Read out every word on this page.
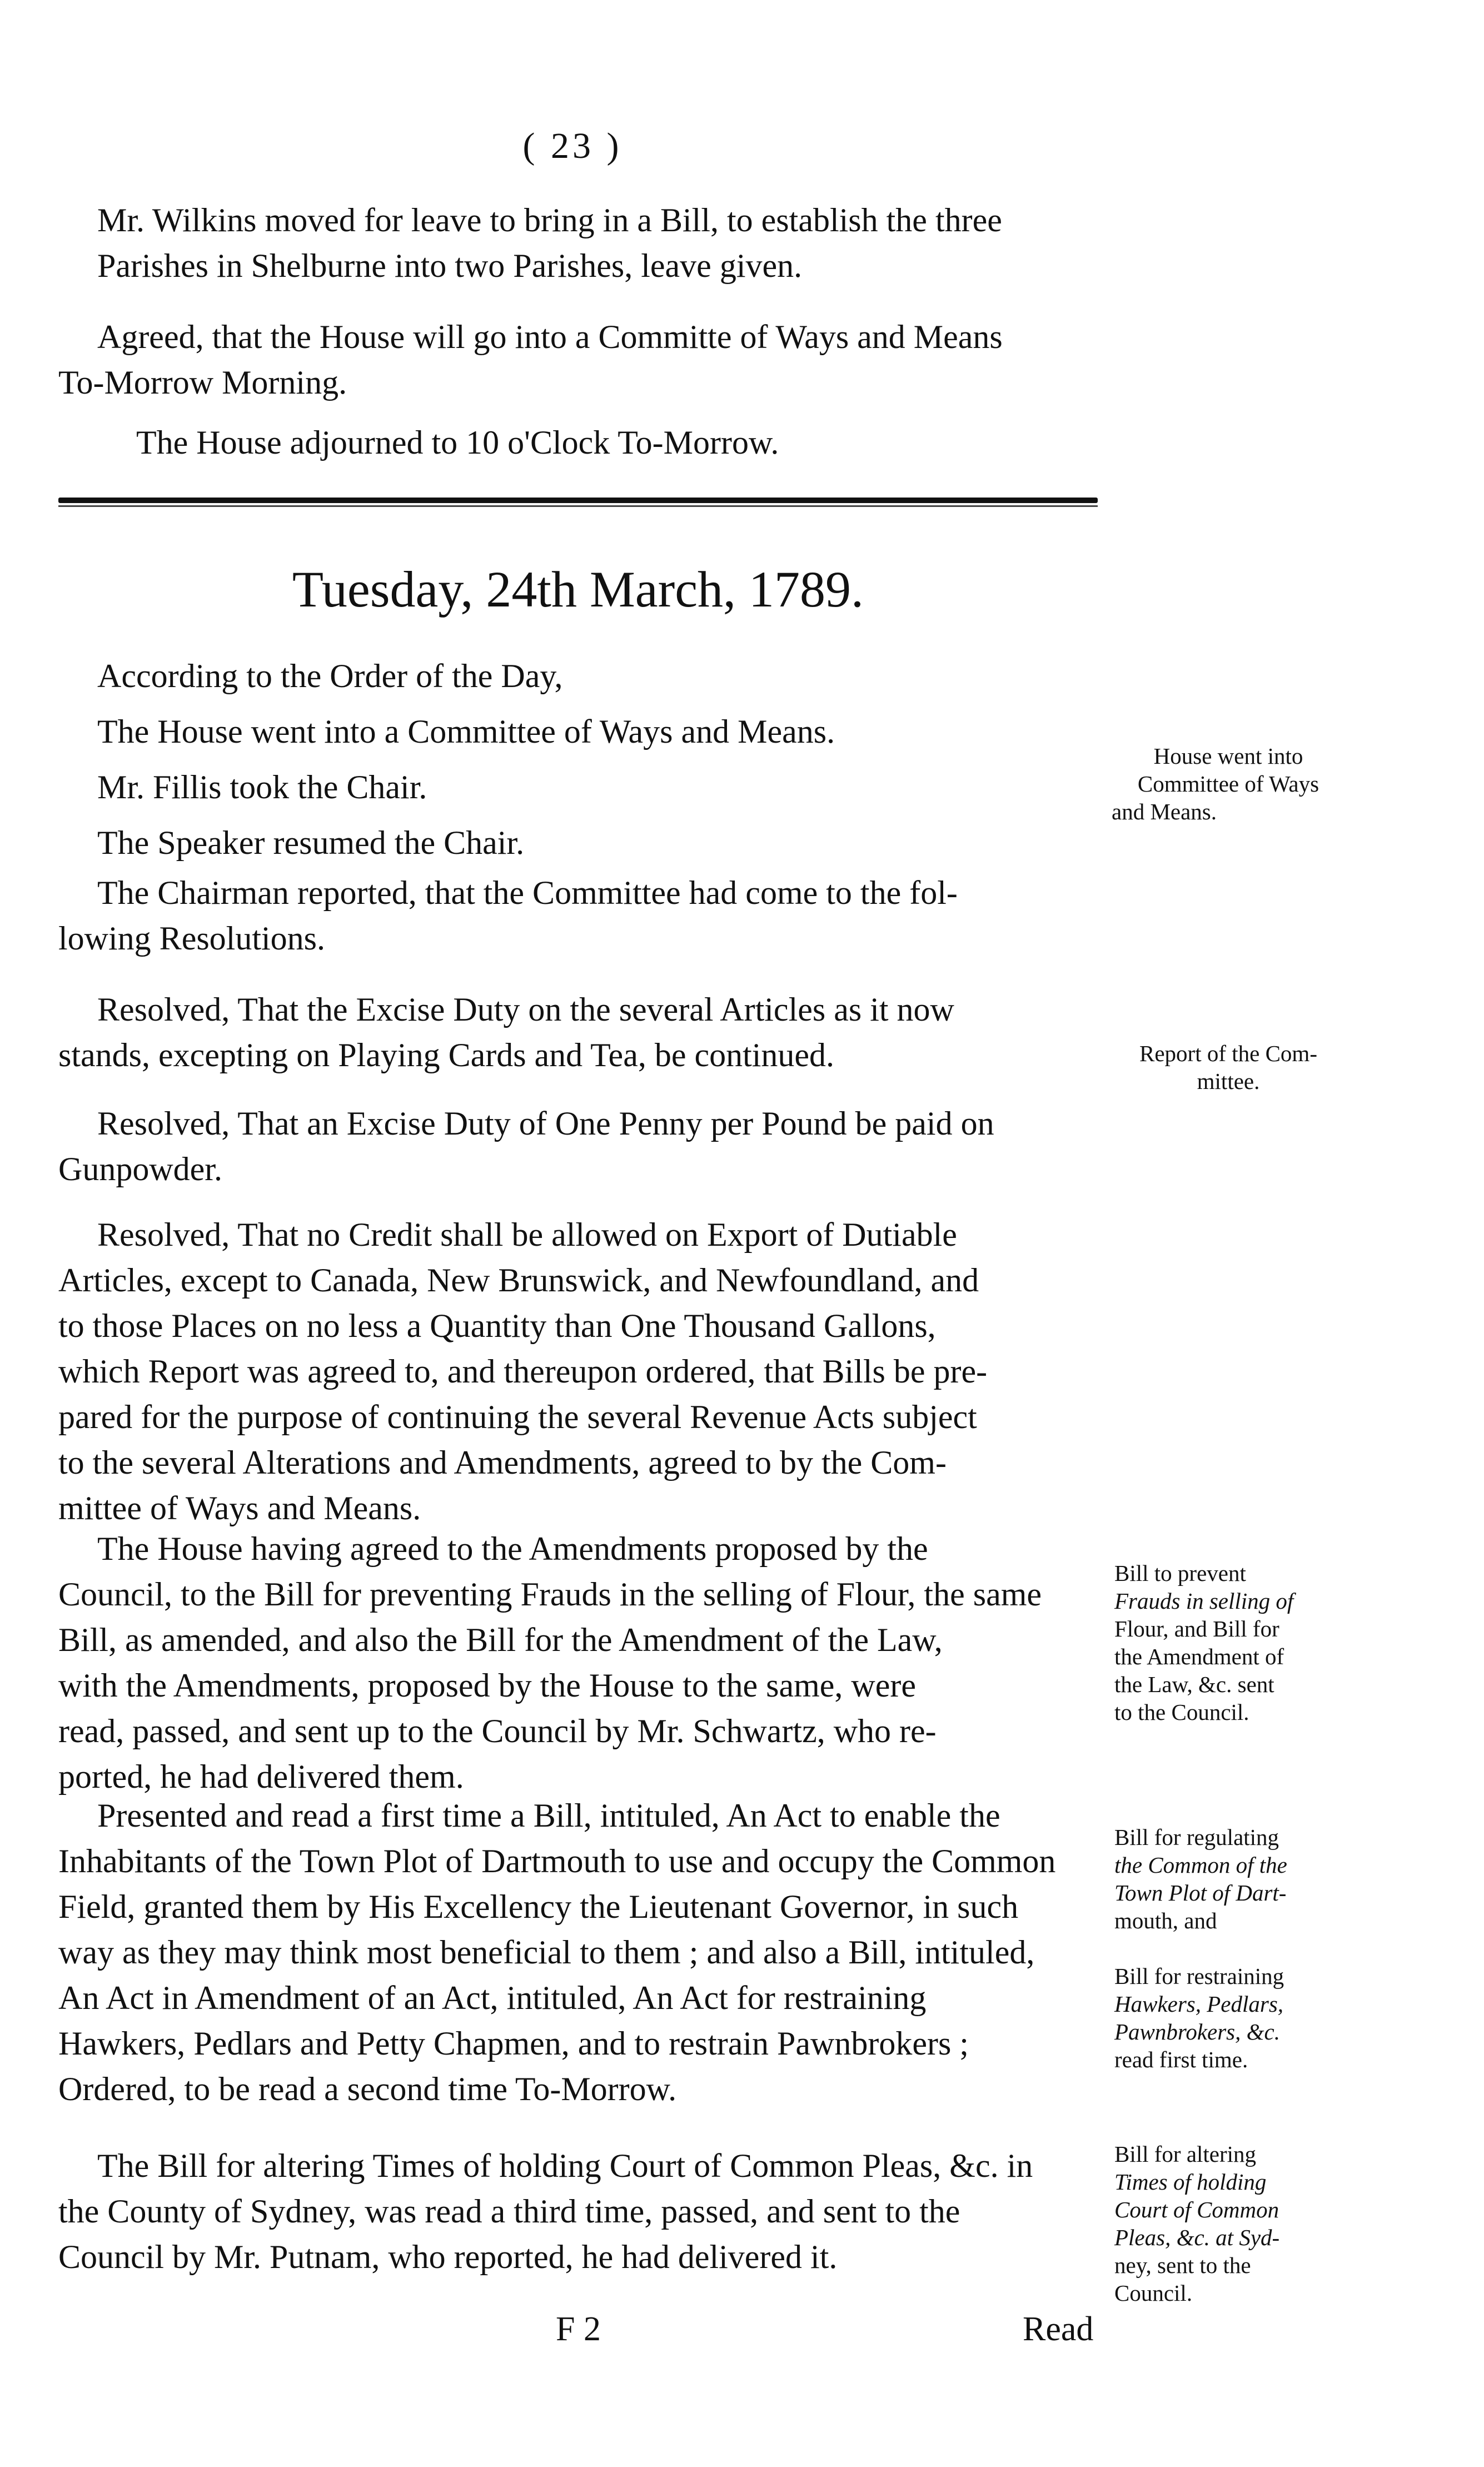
( 23 )
Mr. Wilkins moved for leave to bring in a Bill, to establish the three
Parishes in Shelburne into two Parishes, leave given.
Agreed, that the House will go into a Committe of Ways and Means
To-Morrow Morning.
The House adjourned to 10 o'Clock To-Morrow.
Tuesday, 24th March, 1789.
According to the Order of the Day,
The House went into a Committee of Ways and Means.
Mr. Fillis took the Chair.
The Speaker resumed the Chair.
The Chairman reported, that the Committee had come to the fol-
lowing Resolutions.
Resolved, That the Excise Duty on the several Articles as it now
stands, excepting on Playing Cards and Tea, be continued.
Resolved, That an Excise Duty of One Penny per Pound be paid on
Gunpowder.
Resolved, That no Credit shall be allowed on Export of Dutiable
Articles, except to Canada, New Brunswick, and Newfoundland, and
to those Places on no less a Quantity than One Thousand Gallons,
which Report was agreed to, and thereupon ordered, that Bills be pre-
pared for the purpose of continuing the several Revenue Acts subject
to the several Alterations and Amendments, agreed to by the Com-
mittee of Ways and Means.
The House having agreed to the Amendments proposed by the
Council, to the Bill for preventing Frauds in the selling of Flour, the same
Bill, as amended, and also the Bill for the Amendment of the Law,
with the Amendments, proposed by the House to the same, were
read, passed, and sent up to the Council by Mr. Schwartz, who re-
ported, he had delivered them.
Presented and read a first time a Bill, intituled, An Act to enable the
Inhabitants of the Town Plot of Dartmouth to use and occupy the Common
Field, granted them by His Excellency the Lieutenant Governor, in such
way as they may think most beneficial to them ; and also a Bill, intituled,
An Act in Amendment of an Act, intituled, An Act for restraining
Hawkers, Pedlars and Petty Chapmen, and to restrain Pawnbrokers ;
Ordered, to be read a second time To-Morrow.
The Bill for altering Times of holding Court of Common Pleas, &c. in
the County of Sydney, was read a third time, passed, and sent to the
Council by Mr. Putnam, who reported, he had delivered it.
House went into
Committee of Ways
and Means.
Report of the Com-
mittee.
Bill to prevent
Frauds in selling of
Flour, and Bill for
the Amendment of
the Law, &c. sent
to the Council.
Bill for regulating
the Common of the
Town Plot of Dart-
mouth, and
Bill for restraining
Hawkers, Pedlars,
Pawnbrokers, &c.
read first time.
Bill for altering
Times of holding
Court of Common
Pleas, &c. at Syd-
ney, sent to the
Council.
F 2	Read
